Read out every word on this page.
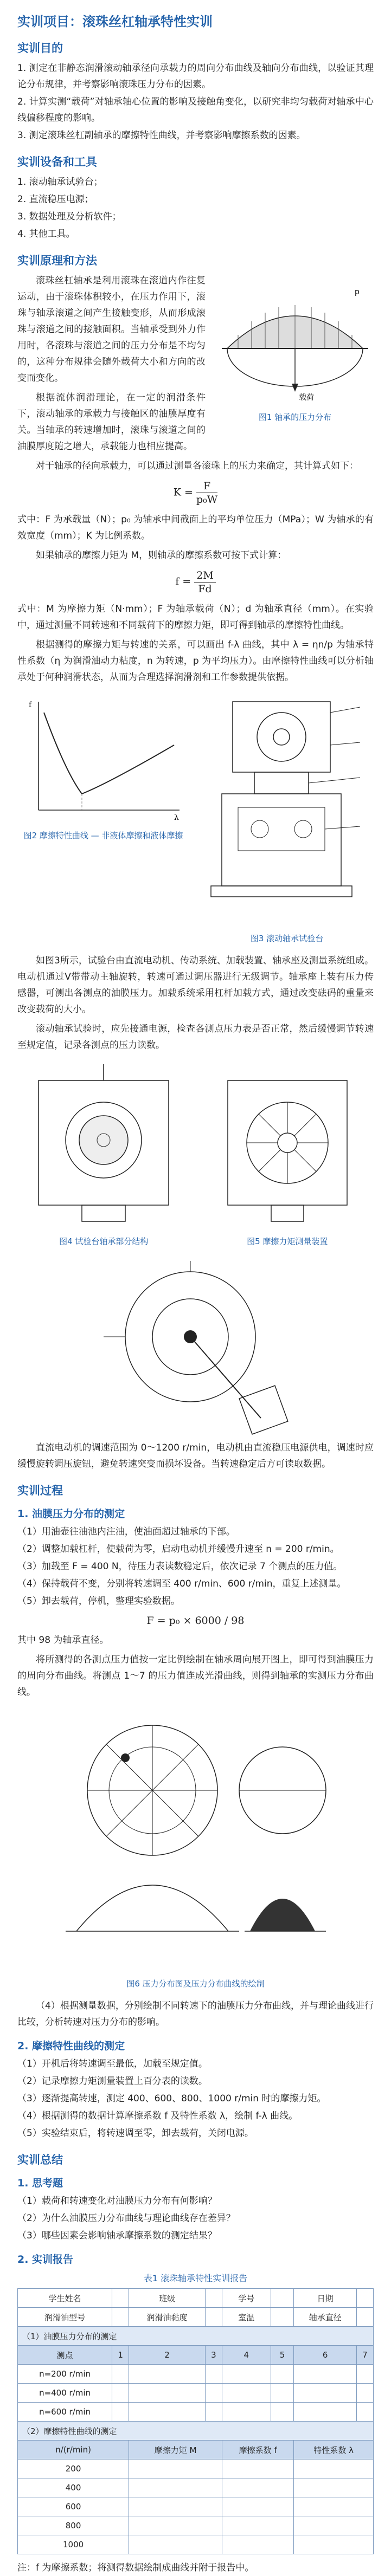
实训项目：滚珠丝杠轴承特性实训
实训目的

1. 测定在非静态润滑滚动轴承径向承载力的周向分布曲线及轴向分布曲线，以验证其理论分布规律，并考察影响滚珠压力分布的因素。

2. 计算实测“载荷”对轴承轴心位置的影响及接触角变化，以研究非均匀载荷对轴承中心线偏移程度的影响。

3. 测定滚珠丝杠副轴承的摩擦特性曲线，并考察影响摩擦系数的因素。

实训设备和工具

1. 滚动轴承试验台；

2. 直流稳压电源；

3. 数据处理及分析软件；

4. 其他工具。

实训原理和方法

滚珠丝杠轴承是利用滚珠在滚道内作往复运动，由于滚珠体积较小，在压力作用下，滚珠与轴承滚道之间产生接触变形，从而形成滚珠与滚道之间的接触面积。当轴承受到外力作用时，各滚珠与滚道之间的压力分布是不均匀的，这种分布规律会随外载荷大小和方向的改变而变化。

根据流体润滑理论，在一定的润滑条件下，滚动轴承的承载力与接触区的油膜厚度有关。当轴承的转速增加时，滚珠与滚道之间的油膜厚度随之增大，承载能力也相应提高。

载荷
p
图1 轴承的压力分布

对于轴承的径向承载力，可以通过测量各滚珠上的压力来确定，其计算式如下：

$K = \frac{F}{\text{p₀W}}$

式中：F 为承载量（N）；p₀ 为轴承中间截面上的平均单位压力（MPa）；W 为轴承的有效宽度（mm）；K 为比例系数。

如果轴承的摩擦力矩为 M，则轴承的摩擦系数可按下式计算：

$f = \frac{2M}{Fd}$

式中：M 为摩擦力矩（N·mm）；F 为轴承载荷（N）；d 为轴承直径（mm）。在实验中，通过测量不同转速和不同载荷下的摩擦力矩，即可得到轴承的摩擦特性曲线。

根据测得的摩擦力矩与转速的关系，可以画出 f-λ 曲线，其中 λ = ηn/p 为轴承特性系数（η 为润滑油动力粘度，n 为转速，p 为平均压力）。由摩擦特性曲线可以分析轴承处于何种润滑状态，从而为合理选择润滑剂和工作参数提供依据。

λ
f
图2 摩擦特性曲线 — 非液体摩擦和液体摩擦
图3 滚动轴承试验台

如图3所示，试验台由直流电动机、传动系统、加载装置、轴承座及测量系统组成。电动机通过V带带动主轴旋转，转速可通过调压器进行无级调节。轴承座上装有压力传感器，可测出各测点的油膜压力。加载系统采用杠杆加载方式，通过改变砝码的重量来改变载荷的大小。

滚动轴承试验时，应先接通电源，检查各测点压力表是否正常，然后缓慢调节转速至规定值，记录各测点的压力读数。

图4 试验台轴承部分结构	图5 摩擦力矩测量装置

直流电动机的调速范围为 0～1200 r/min，电动机由直流稳压电源供电，调速时应缓慢旋转调压旋钮，避免转速突变而损坏设备。当转速稳定后方可读取数据。

实训过程
1. 油膜压力分布的测定

（1）用油壶往油池内注油，使油面超过轴承的下部。

（2）调整加载杠杆，使载荷为零，启动电动机并缓慢升速至 n = 200 r/min。

（3）加载至 F = 400 N，待压力表读数稳定后，依次记录 7 个测点的压力值。

（4）保持载荷不变，分别将转速调至 400 r/min、600 r/min，重复上述测量。

（5）卸去载荷，停机，整理实验数据。

F = p₀ × 6000 / 98

其中 98 为轴承直径。

将所测得的各测点压力值按一定比例绘制在轴承周向展开图上，即可得到油膜压力的周向分布曲线。将测点 1～7 的压力值连成光滑曲线，则得到轴承的实测压力分布曲线。

图6 压力分布图及压力分布曲线的绘制

（4）根据测量数据，分别绘制不同转速下的油膜压力分布曲线，并与理论曲线进行比较，分析转速对压力分布的影响。

2. 摩擦特性曲线的测定

（1）开机后将转速调至最低，加载至规定值。

（2）记录摩擦力矩测量装置上百分表的读数。

（3）逐渐提高转速，测定 400、600、800、1000 r/min 时的摩擦力矩。

（4）根据测得的数据计算摩擦系数 f 及特性系数 λ，绘制 f-λ 曲线。

（5）实验结束后，将转速调至零，卸去载荷，关闭电源。

实训总结
1. 思考题

（1）载荷和转速变化对油膜压力分布有何影响？

（2）为什么油膜压力分布曲线与理论曲线存在差异？

（3）哪些因素会影响轴承摩擦系数的测定结果？

2. 实训报告
表1 滚珠轴承特性实训报告
学生姓名		班级		学号		日期	
润滑油型号		润滑油黏度		室温		轴承直径	
（1）油膜压力分布的测定							
测点	1	2	3	4	5	6	7
n=200 r/min							
n=400 r/min							
n=600 r/min							
（2）摩擦特性曲线的测定							
n/(r/min)		摩擦力矩 M		摩擦系数 f		特性系数 λ	
200							
400							
600							
800							
1000							

注：f 为摩擦系数；将测得数据绘制成曲线并附于报告中。
